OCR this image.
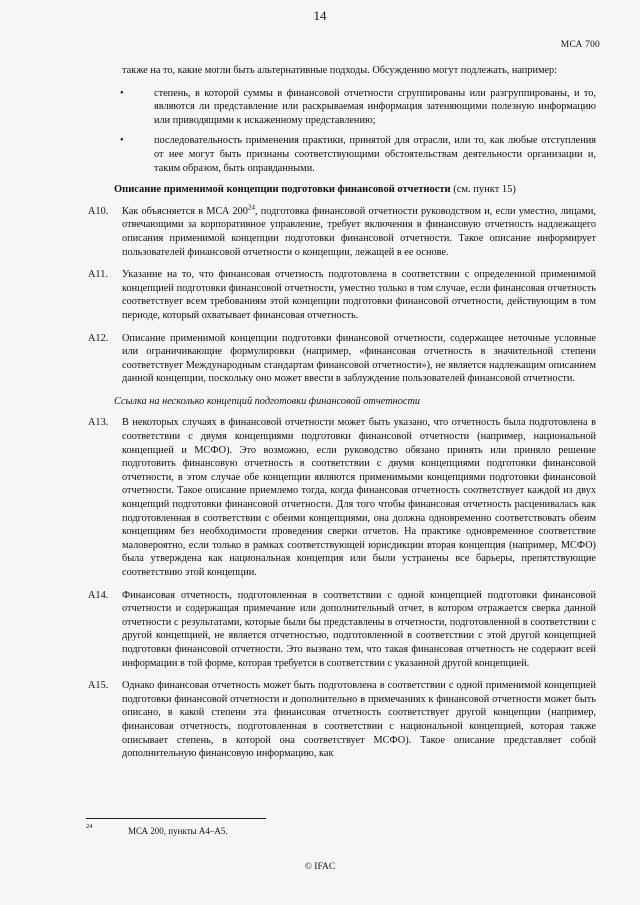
14
МСА 700

также на то, какие могли быть альтернативные подходы. Обсуждению могут подлежать, например:

•	степень, в которой суммы в финансовой отчетности сгруппированы или разгруппированы, и то, являются ли представление или раскрываемая информация затеняющими полезную информацию или приводящими к искаженному представлению;
•	последовательность применения практики, принятой для отрасли, или то, как любые отступления от нее могут быть признаны соответствующими обстоятельствам деятельности организации и, таким образом, быть оправданными.
Описание применимой концепции подготовки финансовой отчетности (см. пункт 15)
A10.	Как объясняется в МСА $200^{24}$, подготовка финансовой отчетности руководством и, если уместно, лицами, отвечающими за корпоративное управление, требует включения в финансовую отчетность надлежащего описания применимой концепции подготовки финансовой отчетности. Такое описание информирует пользователей финансовой отчетности о концепции, лежащей в ее основе.
A11.	Указание на то, что финансовая отчетность подготовлена в соответствии с определенной применимой концепцией подготовки финансовой отчетности, уместно только в том случае, если финансовая отчетность соответствует всем требованиям этой концепции подготовки финансовой отчетности, действующим в том периоде, который охватывает финансовая отчетность.
A12.	Описание применимой концепции подготовки финансовой отчетности, содержащее неточные условные или ограничивающие формулировки (например, «финансовая отчетность в значительной степени соответствует Международным стандартам финансовой отчетности»), не является надлежащим описанием данной концепции, поскольку оно может ввести в заблуждение пользователей финансовой отчетности.
Ссылка на несколько концепций подготовки финансовой отчетности
A13.	В некоторых случаях в финансовой отчетности может быть указано, что отчетность была подготовлена в соответствии с двумя концепциями подготовки финансовой отчетности (например, национальной концепцией и МСФО). Это возможно, если руководство обязано принять или приняло решение подготовить финансовую отчетность в соответствии с двумя концепциями подготовки финансовой отчетности, в этом случае обе концепции являются применимыми концепциями подготовки финансовой отчетности. Такое описание приемлемо тогда, когда финансовая отчетность соответствует каждой из двух концепций подготовки финансовой отчетности. Для того чтобы финансовая отчетность расценивалась как подготовленная в соответствии с обеими концепциями, она должна одновременно соответствовать обеим концепциям без необходимости проведения сверки отчетов. На практике одновременное соответствие маловероятно, если только в рамках соответствующей юрисдикции вторая концепция (например, МСФО) была утверждена как национальная концепция или были устранены все барьеры, препятствующие соответствию этой концепции.
A14.	Финансовая отчетность, подготовленная в соответствии с одной концепцией подготовки финансовой отчетности и содержащая примечание или дополнительный отчет, в котором отражается сверка данной отчетности с результатами, которые были бы представлены в отчетности, подготовленной в соответствии с другой концепцией, не является отчетностью, подготовленной в соответствии с этой другой концепцией подготовки финансовой отчетности. Это вызвано тем, что такая финансовая отчетность не содержит всей информации в той форме, которая требуется в соответствии с указанной другой концепцией.
A15.	Однако финансовая отчетность может быть подготовлена в соответствии с одной применимой концепцией подготовки финансовой отчетности и дополнительно в примечаниях к финансовой отчетности может быть описано, в какой степени эта финансовая отчетность соответствует другой концепции (например, финансовая отчетность, подготовленная в соответствии с национальной концепцией, которая также описывает степень, в которой она соответствует МСФО). Такое описание представляет собой дополнительную финансовую информацию, как
24	МСА 200, пункты А4–А5.
© IFAC
